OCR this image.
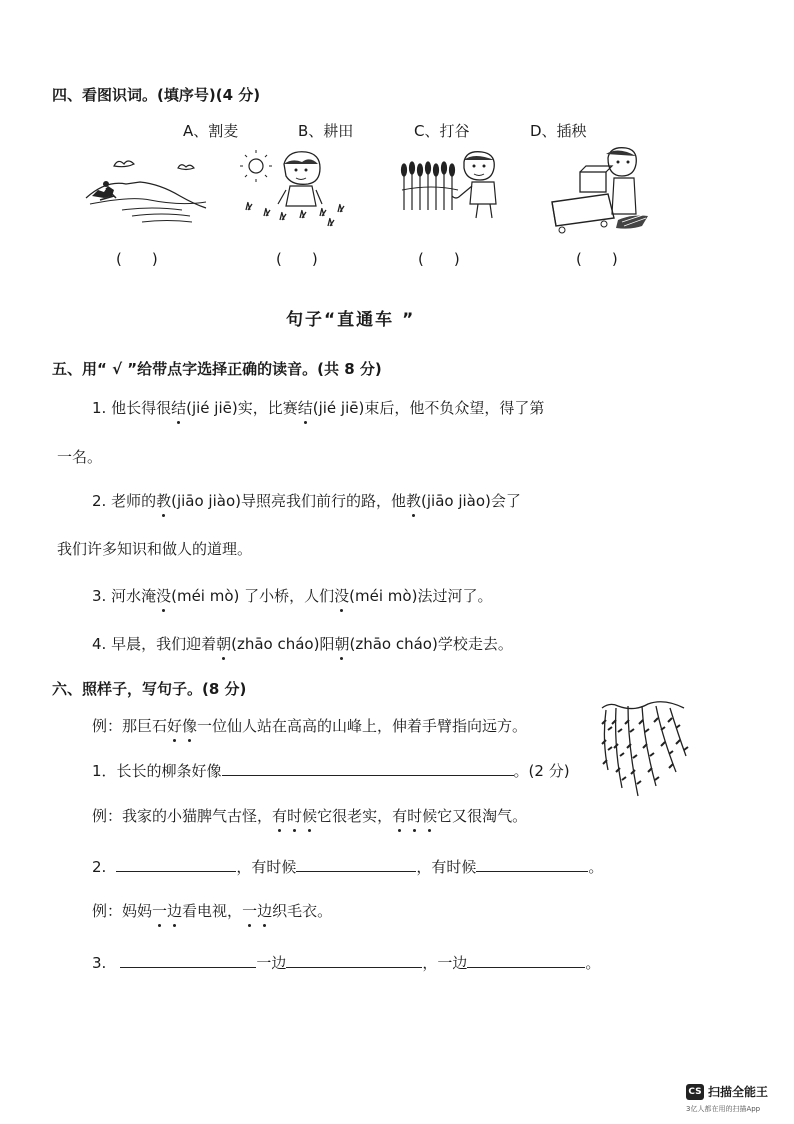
四、看图识词。(填序号)(4 分)
A、割麦	B、耕田	C、打谷	D、插秧
(　　)	(　　)	(　　)	(　　)
句子“直通车 ”
五、用“ √ ”给带点字选择正确的读音。(共 8 分)
1. 他长得很结(jié jiē)实，比赛结(jié jiē)束后，他不负众望，得了第
一名。
2. 老师的教(jiāo jiào)导照亮我们前行的路，他教(jiāo jiào)会了
我们许多知识和做人的道理。
3. 河水淹没(méi mò) 了小桥，人们没(méi mò)法过河了。
4. 早晨，我们迎着朝(zhāo cháo)阳朝(zhāo cháo)学校走去。
六、照样子，写句子。(8 分)
例：那巨石好像一位仙人站在高高的山峰上，伸着手臂指向远方。
1．长长的柳条好像	。(2 分)
例：我家的小猫脾气古怪，有时候它很老实，有时候它又很淘气。
2.	，有时候	，有时候	。
例：妈妈一边看电视，一边织毛衣。
3.	一边	，一边	。
CS 扫描全能王
3亿人都在用的扫描App
